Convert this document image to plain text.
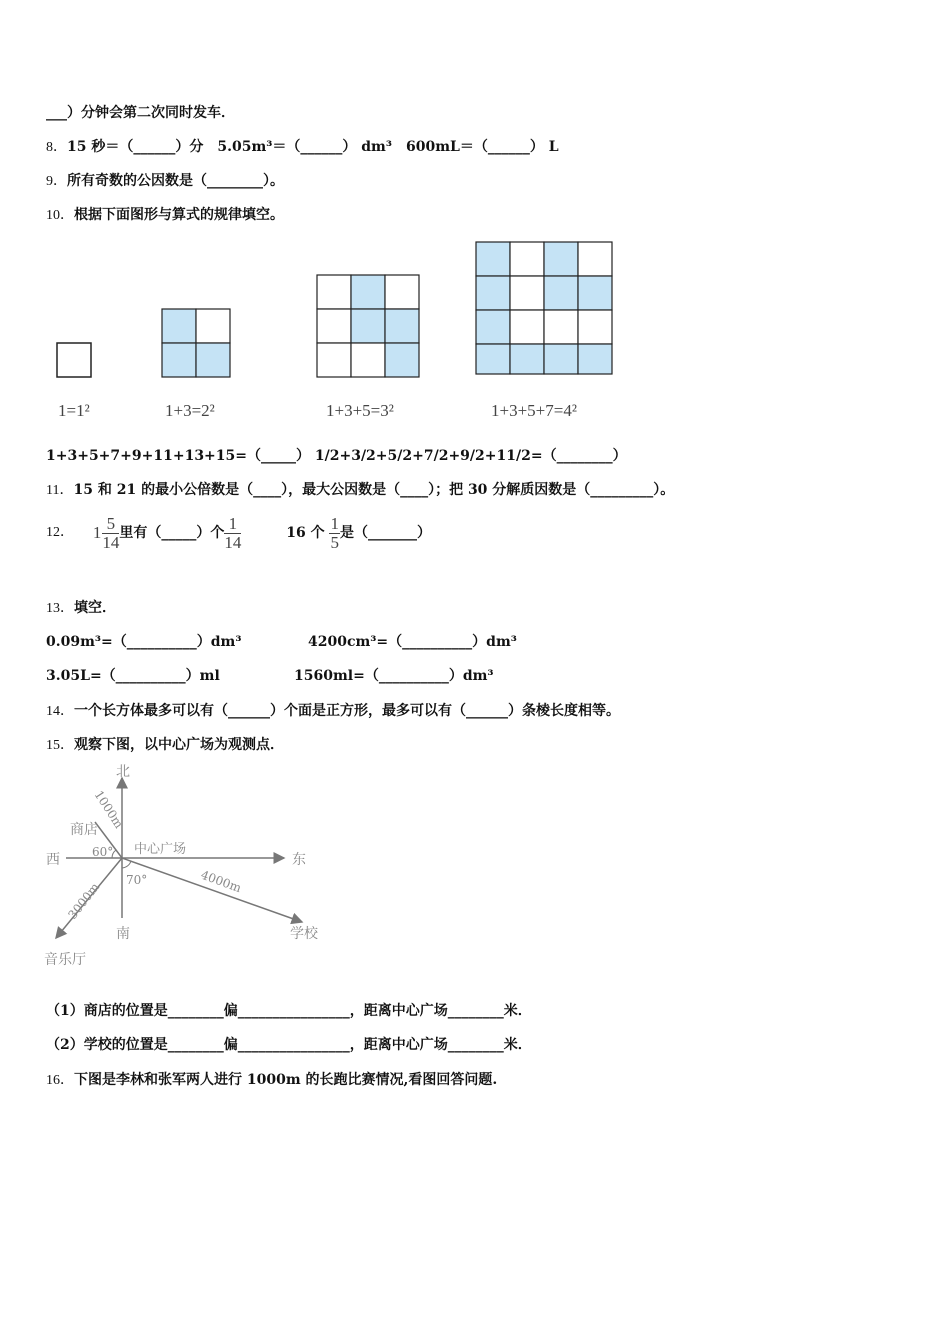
___）分钟会第二次同时发车．
8．15 秒＝（______）分　5.05m³＝（______） dm³　600mL＝（______） L
9．所有奇数的公因数是（________）。
10．根据下面图形与算式的规律填空。
1=1²	1+3=2²	1+3+5=3²	1+3+5+7=4²
1+3+5+7+9+11+13+15=（_____） 1/2+3/2+5/2+7/2+9/2+11/2=（________）
11．15 和 21 的最小公倍数是（____），最大公因数是（____）；把 30 分解质因数是（_________）。
12． $1 \frac{5}{14}$ 里有（_____）个 $\frac{1}{14}$	16 个 $\frac{1}{5}$ 是（_______）
13．填空．
0.09m³=（__________）dm³	4200cm³=（__________）dm³
3.05L=（__________）ml	1560ml=（__________）dm³
14．一个长方体最多可以有（______）个面是正方形，最多可以有（______）条棱长度相等。
15．观察下图，以中心广场为观测点．
北
南
东
西
中心广场
商店
学校
音乐厅
1000m
4000m
3000m
60°
70°
（1）商店的位置是________偏________________，距离中心广场________米．
（2）学校的位置是________偏________________，距离中心广场________米．
16．下图是李林和张军两人进行 1000m 的长跑比赛情况,看图回答问题.
